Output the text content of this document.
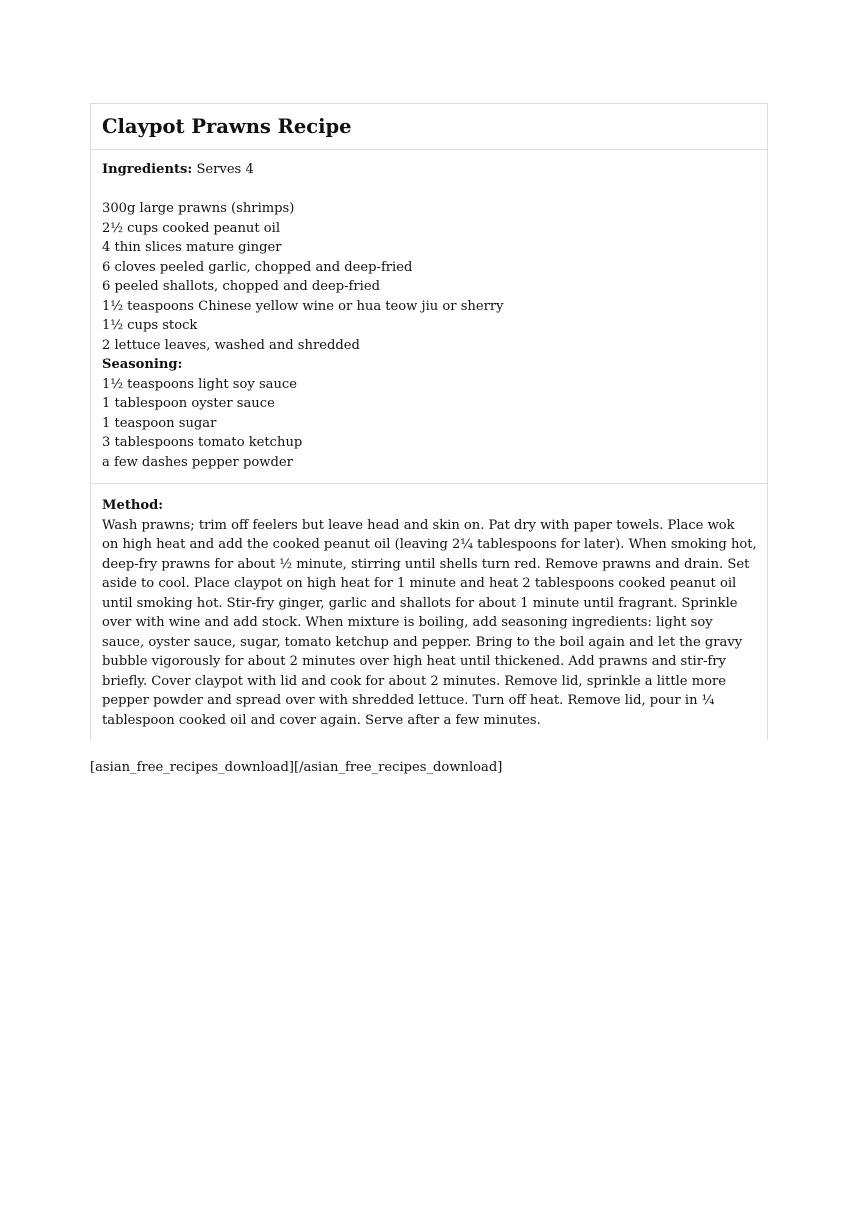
Claypot Prawns Recipe
Ingredients: Serves 4
300g large prawns (shrimps)
2½ cups cooked peanut oil
4 thin slices mature ginger
6 cloves peeled garlic, chopped and deep-fried
6 peeled shallots, chopped and deep-fried
1½ teaspoons Chinese yellow wine or hua teow jiu or sherry
1½ cups stock
2 lettuce leaves, washed and shredded
Seasoning:
1½ teaspoons light soy sauce
1 tablespoon oyster sauce
1 teaspoon sugar
3 tablespoons tomato ketchup
a few dashes pepper powder
Method:
Wash prawns; trim off feelers but leave head and skin on. Pat dry with paper towels. Place wok
on high heat and add the cooked peanut oil (leaving 2¼ tablespoons for later). When smoking hot,
deep-fry prawns for about ½ minute, stirring until shells turn red. Remove prawns and drain. Set
aside to cool. Place claypot on high heat for 1 minute and heat 2 tablespoons cooked peanut oil
until smoking hot. Stir-fry ginger, garlic and shallots for about 1 minute until fragrant. Sprinkle
over with wine and add stock. When mixture is boiling, add seasoning ingredients: light soy
sauce, oyster sauce, sugar, tomato ketchup and pepper. Bring to the boil again and let the gravy
bubble vigorously for about 2 minutes over high heat until thickened. Add prawns and stir-fry
briefly. Cover claypot with lid and cook for about 2 minutes. Remove lid, sprinkle a little more
pepper powder and spread over with shredded lettuce. Turn off heat. Remove lid, pour in ¼
tablespoon cooked oil and cover again. Serve after a few minutes.
[asian_free_recipes_download][/asian_free_recipes_download]
